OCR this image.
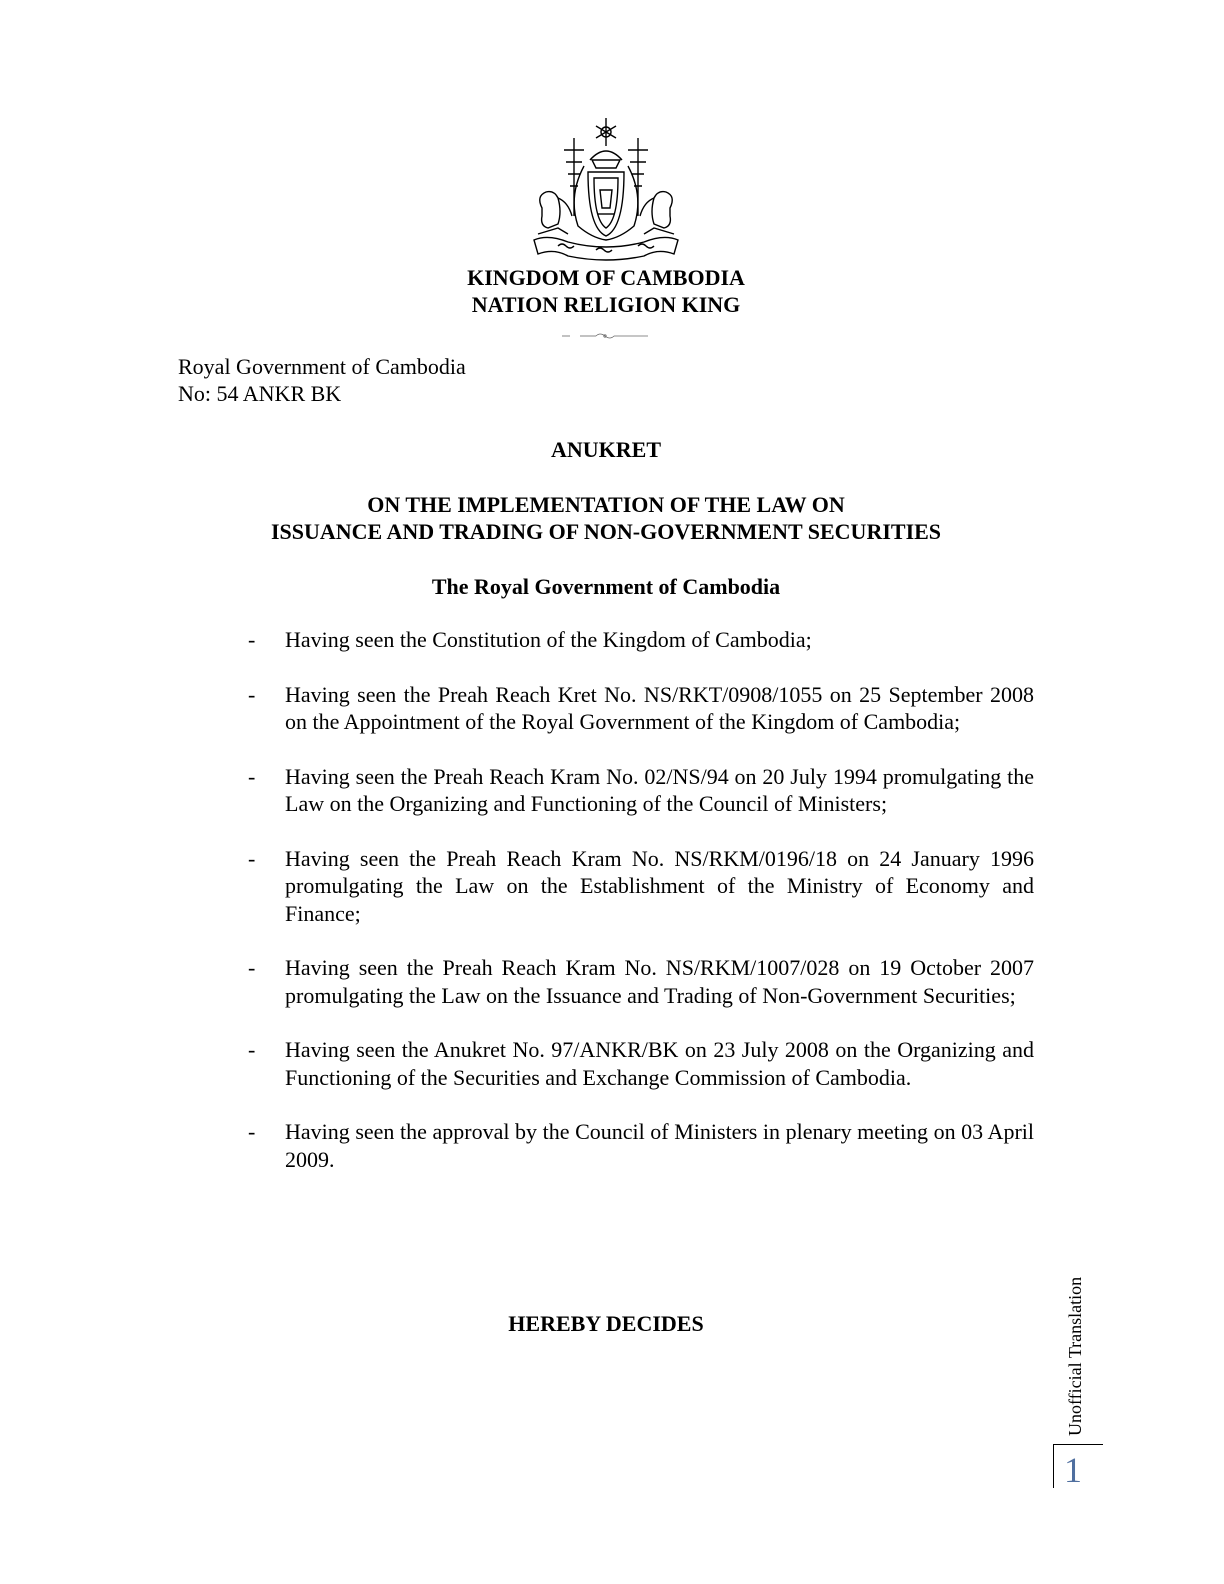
KINGDOM OF CAMBODIA
NATION RELIGION KING
Royal Government of Cambodia
No: 54 ANKR BK
ANUKRET
ON THE IMPLEMENTATION OF THE LAW ON
ISSUANCE AND TRADING OF NON-GOVERNMENT SECURITIES
The Royal Government of Cambodia
- Having seen the Constitution of the Kingdom of Cambodia;
- Having seen the Preah Reach Kret No. NS/RKT/0908/1055 on 25 September 2008 on the Appointment of the Royal Government of the Kingdom of Cambodia;
- Having seen the Preah Reach Kram No. 02/NS/94 on 20 July 1994 promulgating the Law on the Organizing and Functioning of the Council of Ministers;
- Having seen the Preah Reach Kram No. NS/RKM/0196/18 on 24 January 1996 promulgating the Law on the Establishment of the Ministry of Economy and Finance;
- Having seen the Preah Reach Kram No. NS/RKM/1007/028 on 19 October 2007 promulgating the Law on the Issuance and Trading of Non-Government Securities;
- Having seen the Anukret No. 97/ANKR/BK on 23 July 2008 on the Organizing and Functioning of the Securities and Exchange Commission of Cambodia.
- Having seen the approval by the Council of Ministers in plenary meeting on 03 April 2009.
HEREBY DECIDES	Unofficial Translation
1
